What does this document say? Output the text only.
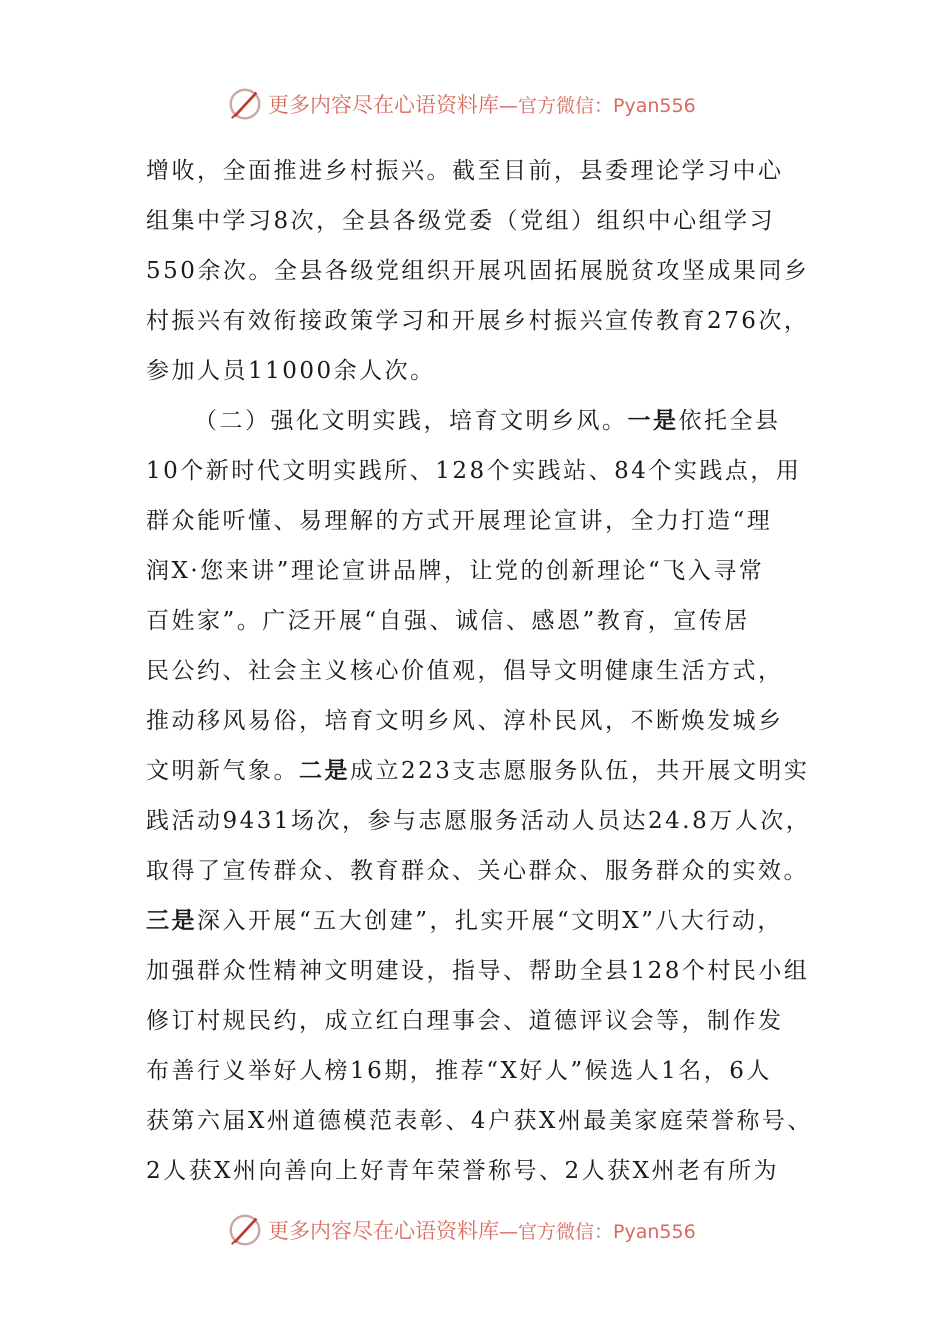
更多内容尽在心语资料库 —官方微信：Pyan556
增收，全面推进乡村振兴。截至目前，县委理论学习中心
组集中学习8次，全县各级党委（党组）组织中心组学习
550余次。全县各级党组织开展巩固拓展脱贫攻坚成果同乡
村振兴有效衔接政策学习和开展乡村振兴宣传教育276次，
参加人员11000余人次。
（二）强化文明实践，培育文明乡风。一是依托全县
10个新时代文明实践所、128个实践站、84个实践点，用
群众能听懂、易理解的方式开展理论宣讲，全力打造“理
润X·您来讲”理论宣讲品牌，让党的创新理论“飞入寻常
百姓家”。广泛开展“自强、诚信、感恩”教育，宣传居
民公约、社会主义核心价值观，倡导文明健康生活方式，
推动移风易俗，培育文明乡风、淳朴民风，不断焕发城乡
文明新气象。二是成立223支志愿服务队伍，共开展文明实
践活动9431场次，参与志愿服务活动人员达24.8万人次，
取得了宣传群众、教育群众、关心群众、服务群众的实效。
三是深入开展“五大创建”，扎实开展“文明X”八大行动，
加强群众性精神文明建设，指导、帮助全县128个村民小组
修订村规民约，成立红白理事会、道德评议会等，制作发
布善行义举好人榜16期，推荐“X好人”候选人1名，6人
获第六届X州道德模范表彰、4户获X州最美家庭荣誉称号、
2人获X州向善向上好青年荣誉称号、2人获X州老有所为
更多内容尽在心语资料库 —官方微信：Pyan556
